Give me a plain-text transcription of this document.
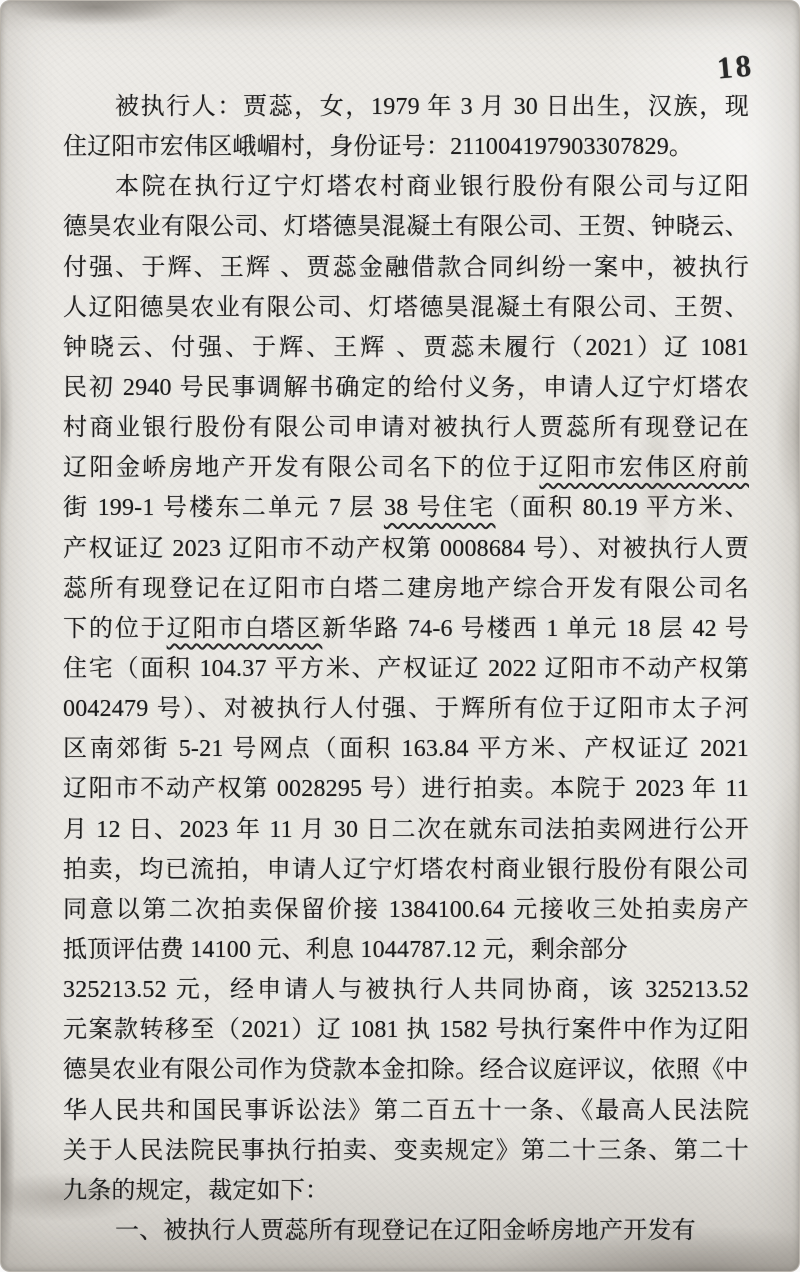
18
被执行人：贾蕊，女，1979 年 3 月 30 日出生，汉族，现
住辽阳市宏伟区峨嵋村，身份证号：211004197903307829。
本院在执行辽宁灯塔农村商业银行股份有限公司与辽阳
德昊农业有限公司、灯塔德昊混凝土有限公司、王贺、钟晓云、
付强、于辉、王辉 、贾蕊金融借款合同纠纷一案中，被执行
人辽阳德昊农业有限公司、灯塔德昊混凝土有限公司、王贺、
钟晓云、付强、于辉、王辉 、贾蕊未履行（2021）辽 1081
民初 2940 号民事调解书确定的给付义务，申请人辽宁灯塔农
村商业银行股份有限公司申请对被执行人贾蕊所有现登记在
辽阳金峤房地产开发有限公司名下的位于辽阳市宏伟区府前
街 199-1 号楼东二单元 7 层 38 号住宅（面积 80.19 平方米、
产权证辽 2023 辽阳市不动产权第 0008684 号）、对被执行人贾
蕊所有现登记在辽阳市白塔二建房地产综合开发有限公司名
下的位于辽阳市白塔区新华路 74-6 号楼西 1 单元 18 层 42 号
住宅（面积 104.37 平方米、产权证辽 2022 辽阳市不动产权第
0042479 号）、对被执行人付强、于辉所有位于辽阳市太子河
区南郊街 5-21 号网点（面积 163.84 平方米、产权证辽 2021
辽阳市不动产权第 0028295 号）进行拍卖。本院于 2023 年 11
月 12 日、2023 年 11 月 30 日二次在就东司法拍卖网进行公开
拍卖，均已流拍，申请人辽宁灯塔农村商业银行股份有限公司
同意以第二次拍卖保留价接 1384100.64 元接收三处拍卖房产
抵顶评估费 14100 元、利息 1044787.12 元，剩余部分
325213.52 元，经申请人与被执行人共同协商，该 325213.52
元案款转移至（2021）辽 1081 执 1582 号执行案件中作为辽阳
德昊农业有限公司作为贷款本金扣除。经合议庭评议，依照《中
华人民共和国民事诉讼法》第二百五十一条、《最高人民法院
关于人民法院民事执行拍卖、变卖规定》第二十三条、第二十
九条的规定，裁定如下：
一、被执行人贾蕊所有现登记在辽阳金峤房地产开发有
